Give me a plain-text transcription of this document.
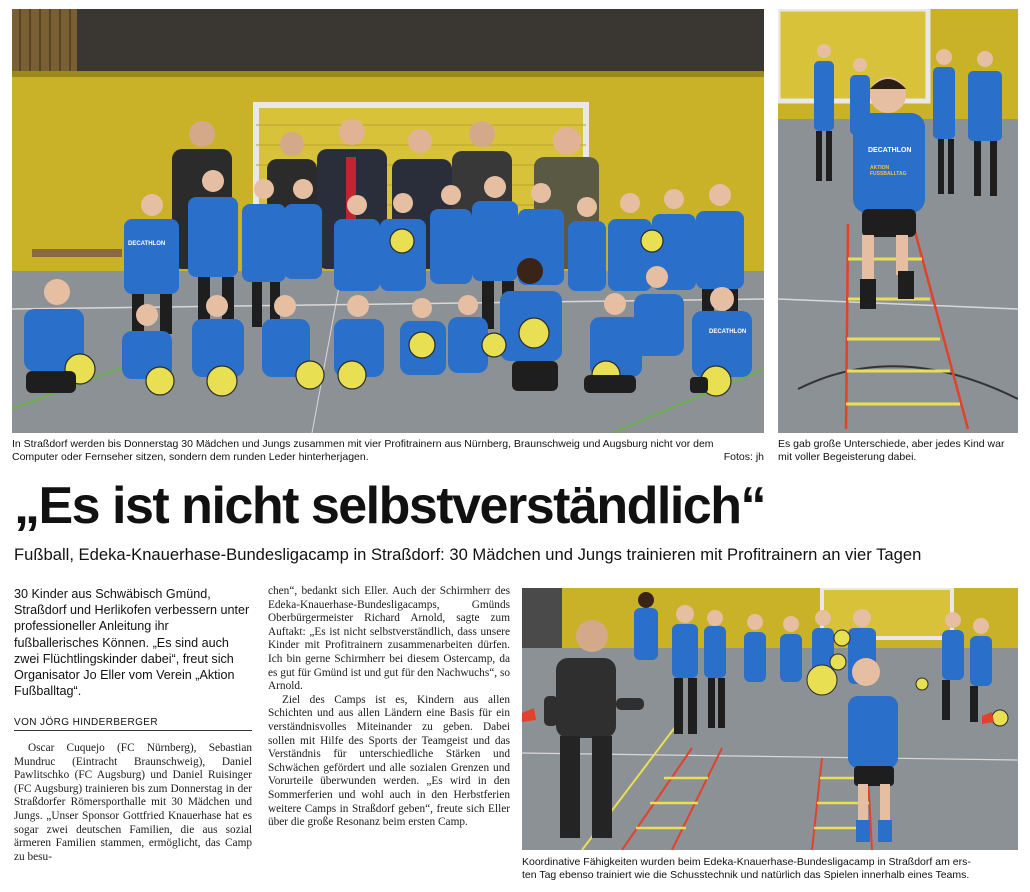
DECATHLON
DECATHLON
DECATHLON
AKTION FUSSBALLTAG
In Straßdorf werden bis Donnerstag 30 Mädchen und Jungs zusammen mit vier Profitrainern aus Nürnberg, Braunschweig und Augsburg nicht vor dem
Computer oder Fernseher sitzen, sondern dem runden Leder hinterherjagen.	Fotos: jh
Es gab große Unterschiede, aber jedes Kind war
mit voller Begeisterung dabei.
„Es ist nicht selbstverständlich“
Fußball, Edeka-Knauerhase-Bundesligacamp in Straßdorf: 30 Mädchen und Jungs trainieren mit Profitrainern an vier Tagen
30 Kinder aus Schwäbisch Gmünd, Straßdorf und Herlikofen verbessern unter professioneller Anleitung ihr fußballerisches Können. „Es sind auch zwei Flüchtlingskinder dabei“, freut sich Organisator Jo Eller vom Verein „Aktion Fußballtag“.
VON JÖRG HINDERBERGER

Oscar Cuquejo (FC Nürnberg), Sebastian Mundruc (Eintracht Braunschweig), Daniel Pawlitschko (FC Augsburg) und Daniel Ruisinger (FC Augsburg) trainieren bis zum Donnerstag in der Straßdorfer Römersporthalle mit 30 Mädchen und Jungs. „Unser Sponsor Gottfried Knauerhase hat es sogar zwei deutschen Familien, die aus sozial ärmeren Familien stammen, ermöglicht, das Camp zu besu-

chen“, bedankt sich Eller. Auch der Schirmherr des Edeka-Knauerhase-Bundesligacamps, Gmünds Oberbürgermeister Richard Arnold, sagte zum Auftakt: „Es ist nicht selbstverständlich, dass unsere Kinder mit Profitrainern zusammenarbeiten dürfen. Ich bin gerne Schirmherr bei diesem Ostercamp, da es gut für Gmünd ist und gut für den Nachwuchs“, so Arnold.

Ziel des Camps ist es, Kindern aus allen Schichten und aus allen Ländern eine Basis für ein verständnisvolles Miteinander zu geben. Dabei sollen mit Hilfe des Sports der Teamgeist und das Verständnis für unterschiedliche Stärken und Schwächen gefördert und alle sozialen Grenzen und Vorurteile überwunden werden. „Es wird in den Sommerferien und wohl auch in den Herbstferien weitere Camps in Straßdorf geben“, freute sich Eller über die große Resonanz beim ersten Camp.

Koordinative Fähigkeiten wurden beim Edeka-Knauerhase-Bundesligacamp in Straßdorf am ers-
ten Tag ebenso trainiert wie die Schusstechnik und natürlich das Spielen innerhalb eines Teams.
